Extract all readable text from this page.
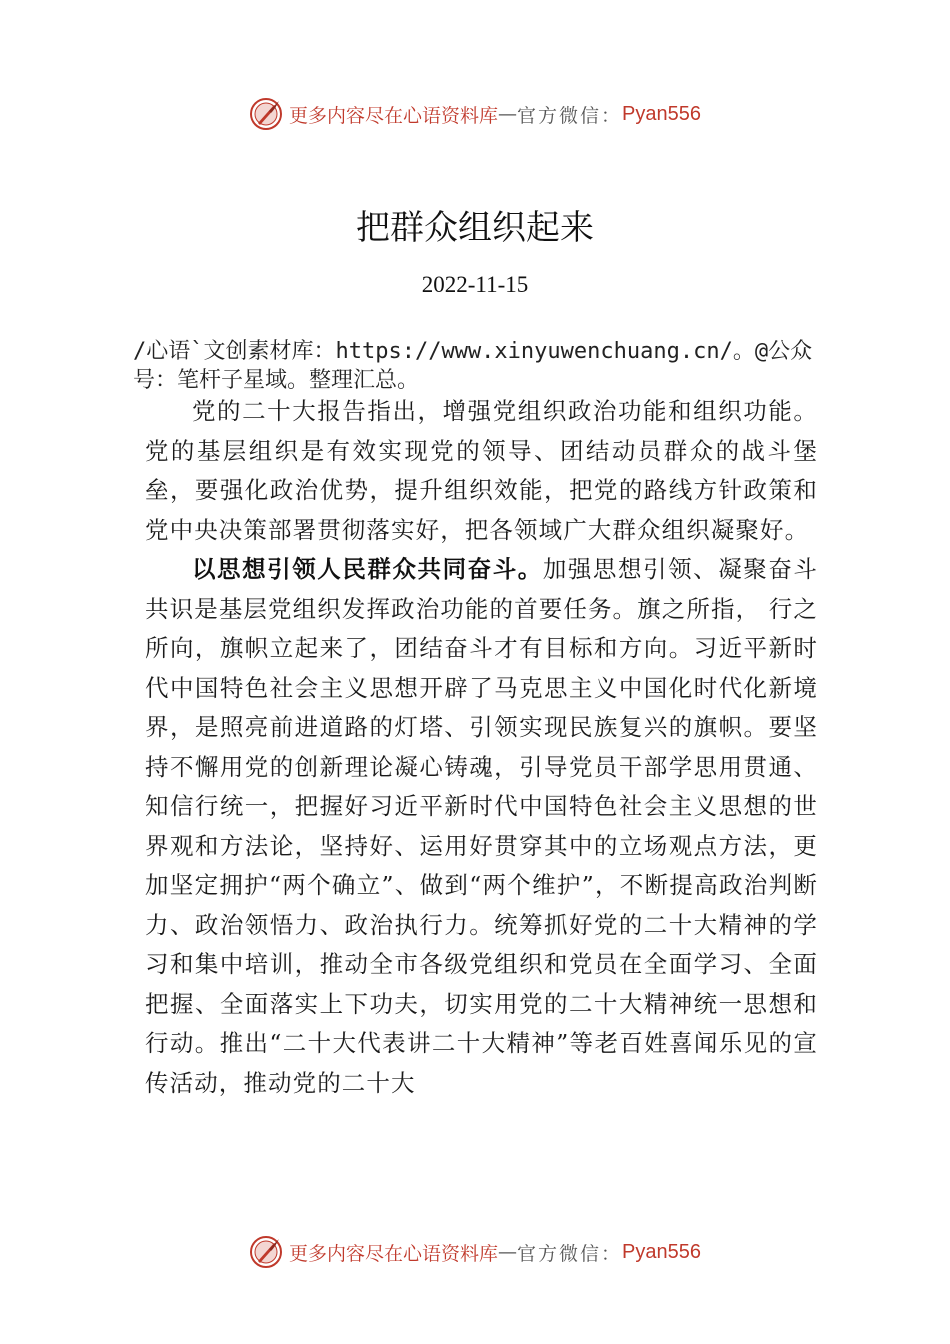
更多内容尽在心语资料库 — 官方微信： Pyan556
把群众组织起来
2022-11-15
/心语`文创素材库：https://www.xinyuwenchuang.cn/。@公众号：笔杆子星域。整理汇总。

党的二十大报告指出，增强党组织政治功能和组织功能。党的基层组织是有效实现党的领导、团结动员群众的战斗堡垒，要强化政治优势，提升组织效能，把党的路线方针政策和党中央决策部署贯彻落实好，把各领域广大群众组织凝聚好。

以思想引领人民群众共同奋斗。加强思想引领、凝聚奋斗共识是基层党组织发挥政治功能的首要任务。旗之所指， 行之所向，旗帜立起来了，团结奋斗才有目标和方向。习近平新时代中国特色社会主义思想开辟了马克思主义中国化时代化新境界，是照亮前进道路的灯塔、引领实现民族复兴的旗帜。要坚持不懈用党的创新理论凝心铸魂，引导党员干部学思用贯通、知信行统一，把握好习近平新时代中国特色社会主义思想的世界观和方法论，坚持好、运用好贯穿其中的立场观点方法，更加坚定拥护“两个确立”、做到“两个维护”，不断提高政治判断力、政治领悟力、政治执行力。统筹抓好党的二十大精神的学习和集中培训，推动全市各级党组织和党员在全面学习、全面把握、全面落实上下功夫，切实用党的二十大精神统一思想和行动。推出“二十大代表讲二十大精神”等老百姓喜闻乐见的宣传活动，推动党的二十大

更多内容尽在心语资料库 — 官方微信： Pyan556
